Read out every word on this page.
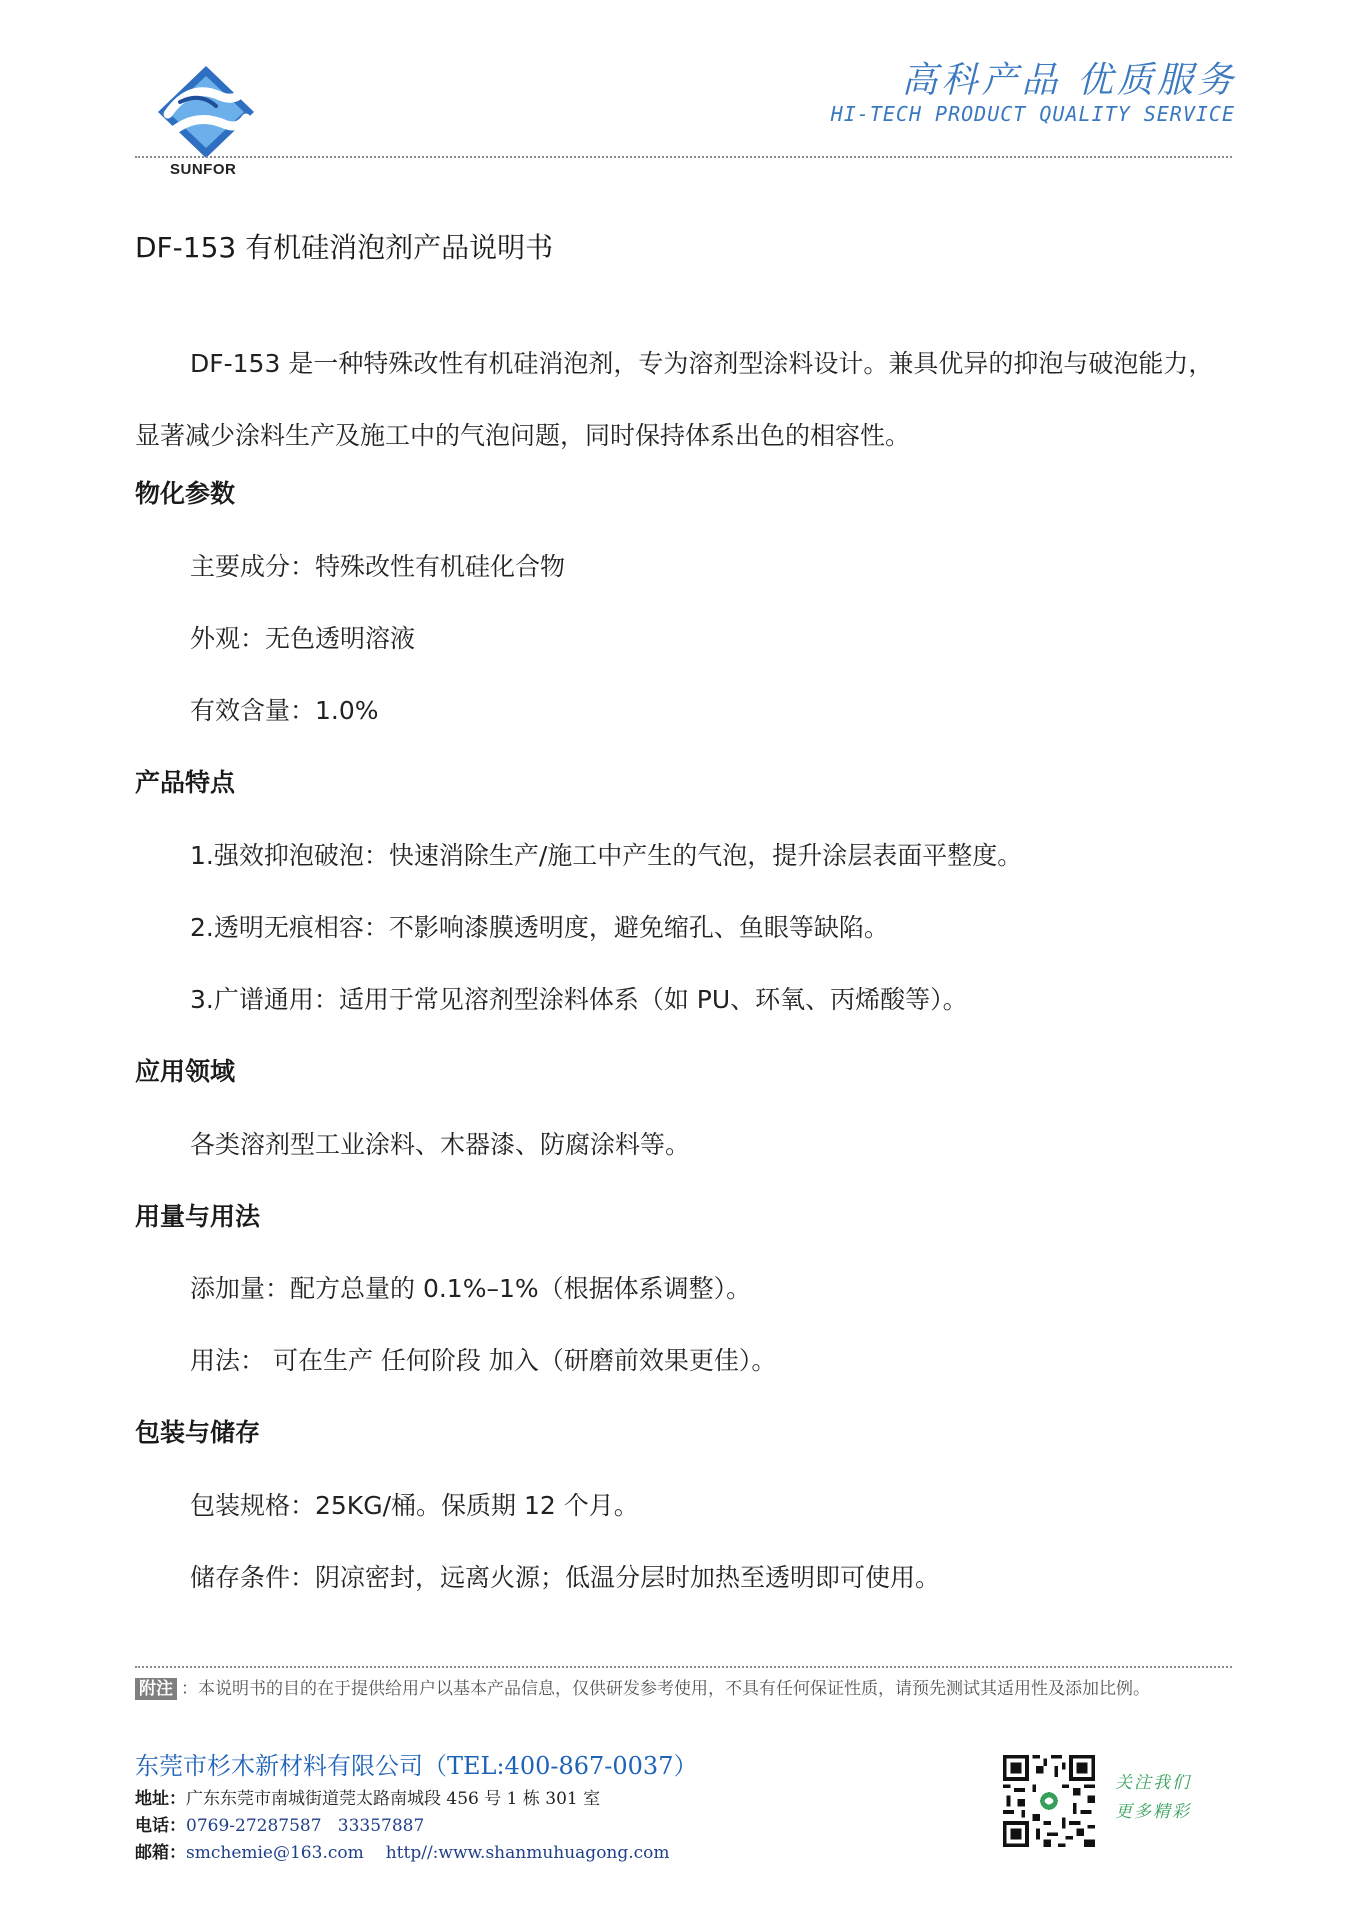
SUNFOR
高科产品 优质服务
HI-TECH PRODUCT QUALITY SERVICE
DF-153 有机硅消泡剂产品说明书
DF-153 是一种特殊改性有机硅消泡剂，专为溶剂型涂料设计。兼具优异的抑泡与破泡能力，显著减少涂料生产及施工中的气泡问题，同时保持体系出色的相容性。
物化参数
主要成分：特殊改性有机硅化合物
外观：无色透明溶液
有效含量：1.0%
产品特点
1.强效抑泡破泡：快速消除生产/施工中产生的气泡，提升涂层表面平整度。
2.透明无痕相容：不影响漆膜透明度，避免缩孔、鱼眼等缺陷。
3.广谱通用：适用于常见溶剂型涂料体系（如 PU、环氧、丙烯酸等）。
应用领域
各类溶剂型工业涂料、木器漆、防腐涂料等。
用量与用法
添加量：配方总量的 0.1%–1%（根据体系调整）。
用法： 可在生产 任何阶段 加入（研磨前效果更佳）。
包装与储存
包装规格：25KG/桶。保质期 12 个月。
储存条件：阴凉密封，远离火源；低温分层时加热至透明即可使用。
附注 ：本说明书的目的在于提供给用户以基本产品信息，仅供研发参考使用，不具有任何保证性质，请预先测试其适用性及添加比例。
东莞市杉木新材料有限公司（TEL:400-867-0037）
地址：广东东莞市南城街道莞太路南城段 456 号 1 栋 301 室
电话：0769-27287587   33357887
邮箱：smchemie@163.com http//:www.shanmuhuagong.com
关注我们
更多精彩
